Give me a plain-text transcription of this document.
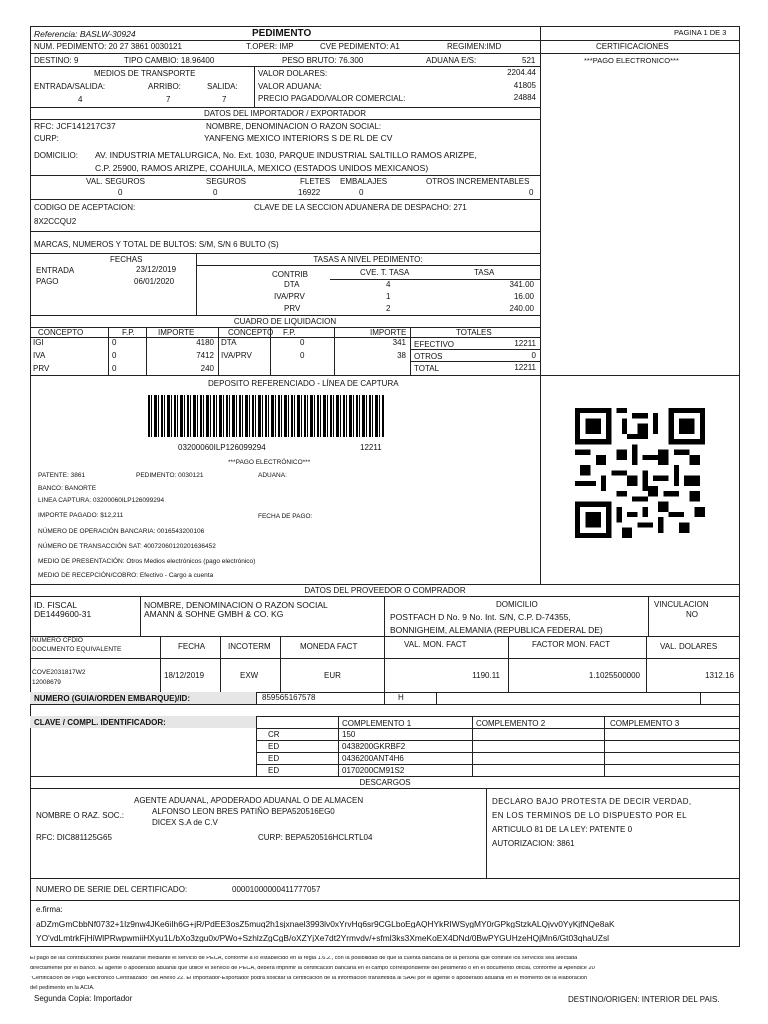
Referencia: BASLW-30924	PEDIMENTO	PAGINA 1 DE 3
NUM. PEDIMENTO: 20 27 3861 0030121	T.OPER: IMP	CVE PEDIMENTO: A1	REGIMEN:IMD	CERTIFICACIONES
DESTINO: 9	TIPO CAMBIO: 18.96400	PESO BRUTO: 76.300	ADUANA E/S:	521	***PAGO ELECTRONICO***
MEDIOS DE TRANSPORTE
ENTRADA/SALIDA:	ARRIBO:	SALIDA:
4	7	7
VALOR DOLARES:	2204.44
VALOR ADUANA:	41805
PRECIO PAGADO/VALOR COMERCIAL:	24884
DATOS DEL IMPORTADOR / EXPORTADOR
RFC: JCF141217C37	NOMBRE, DENOMINACION O RAZON SOCIAL:
CURP:	YANFENG MEXICO INTERIORS S DE RL DE CV
DOMICILIO: AV. INDUSTRIA METALURGICA, No. Ext. 1030, PARQUE INDUSTRIAL SALTILLO RAMOS ARIZPE,
C.P. 25900, RAMOS ARIZPE, COAHUILA, MEXICO (ESTADOS UNIDOS MEXICANOS)
VAL. SEGUROS	SEGUROS	FLETES EMBALAJES	OTROS INCREMENTABLES
0	0	16922	0	0
CODIGO DE ACEPTACION:	CLAVE DE LA SECCION ADUANERA DE DESPACHO: 271
8X2CCQU2
MARCAS, NUMEROS Y TOTAL DE BULTOS: S/M, S/N 6 BULTO (S)
FECHAS
ENTRADA	23/12/2019
PAGO	06/01/2020
TASAS A NIVEL PEDIMENTO:
CONTRIB	CVE. T. TASA	TASA
DTA	4	341.00
IVA/PRV	1	16.00
PRV	2	240.00
CUADRO DE LIQUIDACION
CONCEPTO	F.P.	IMPORTE	CONCEPTO F.P.	IMPORTE	TOTALES
IGI	0	4180
IVA	0	7412
PRV	0	240
DTA	0	341
IVA/PRV	0	38
EFECTIVO	12211
OTROS	0
TOTAL	12211
DEPOSITO REFERENCIADO - LÍNEA DE CAPTURA
03200060ILP126099294	12211
***PAGO ELECTRÓNICO***
PATENTE: 3861	PEDIMENTO: 0030121	ADUANA:
BANCO: BANORTE
LINEA CAPTURA: 03200060ILP126099294
IMPORTE PAGADO: $12,211	FECHA DE PAGO:
NÚMERO DE OPERACIÓN BANCARIA: 0016543200106
NÚMERO DE TRANSACCIÓN SAT: 40072060120201636452
MEDIO DE PRESENTACIÓN: Otros Medios electrónicos (pago electrónico)
MEDIO DE RECEPCIÓN/COBRO: Efectivo - Cargo a cuenta
DATOS DEL PROVEEDOR O COMPRADOR
ID. FISCAL
DE1449600-31
NOMBRE, DENOMINACION O RAZON SOCIAL
AMANN & SOHNE GMBH & CO. KG
DOMICILIO
POSTFACH D No. 9 No. Int. S/N, C.P. D-74355,
BONNIGHEIM, ALEMANIA (REPUBLICA FEDERAL DE)
VINCULACION
NO
NUMERO CFDIO
DOCUMENTO EQUIVALENTE	FECHA	INCOTERM	MONEDA FACT	VAL. MON. FACT	FACTOR MON. FACT	VAL. DOLARES
COVE2031817W2
12008679
18/12/2019	EXW	EUR	1190.11	1.1025500000	1312.16
NUMERO (GUIA/ORDEN EMBARQUE)/ID:	859565167578	H
CLAVE / COMPL. IDENTIFICADOR:	COMPLEMENTO 1	COMPLEMENTO 2	COMPLEMENTO 3
CR	150
ED	0438200GKRBF2
ED	0436200ANT4H6
ED	0170200CM91S2
DESCARGOS
AGENTE ADUANAL, APODERADO ADUANAL O DE ALMACEN
NOMBRE O RAZ. SOC.:	ALFONSO LEON BRES PATIÑO BEPA520516EG0
DICEX S.A de C.V
RFC: DIC881125G65	CURP: BEPA520516HCLRTL04
DECLARO BAJO PROTESTA DE DECIR VERDAD,
EN LOS TERMINOS DE LO DISPUESTO POR EL
ARTICULO 81 DE LA LEY: PATENTE 0
AUTORIZACION: 3861
NUMERO DE SERIE DEL CERTIFICADO:	00001000000411777057
e.firma:
aDZmGmCbbNf0732+1lz9nw4JKe6iIh6G+jR/PdEE3osZ5muq2h1sjxnael3993lv0xYrvHq6sr9CGLboEgAQHYkRIWSygMY0rGPkgStzkALQjvv0YyKjfNQe8aK
YO'vdLmtrkFjHiWlPRwpwmiiHXyu1L/bXo3zgu0x/PWo+SzhlzZgCgB/oXZYjXe7dt2Yrmvdv/+sfml3ks3XmeKoEX4DNd/0BwPYGUHzeHQjMn6/Gt03qhaUZsl
El pago de las contribuciones puede realizarse mediante el servicio de PECA, conforme a lo establecido en la regla 1.6.2., con la posibilidad de que la cuenta bancaria de la persona que contrate los servicios sea afectada
directamente por el Banco. El agente o apoderado aduanal que utilice el servicio de PECA, deberá imprimir la certificación bancaria en el campo correspondiente del pedimento o en el documento oficial, conforme al Apéndice 20
"Certificación de Pago Electrónico Centralizado" del Anexo 22. El Importador-Exportador podrá solicitar la certificación de la información transmitida al SAAI por el agente o apoderado aduanal en el momento de la elaboración
del pedimento en la ACIA.
Segunda Copia: Importador	DESTINO/ORIGEN: INTERIOR DEL PAIS.
